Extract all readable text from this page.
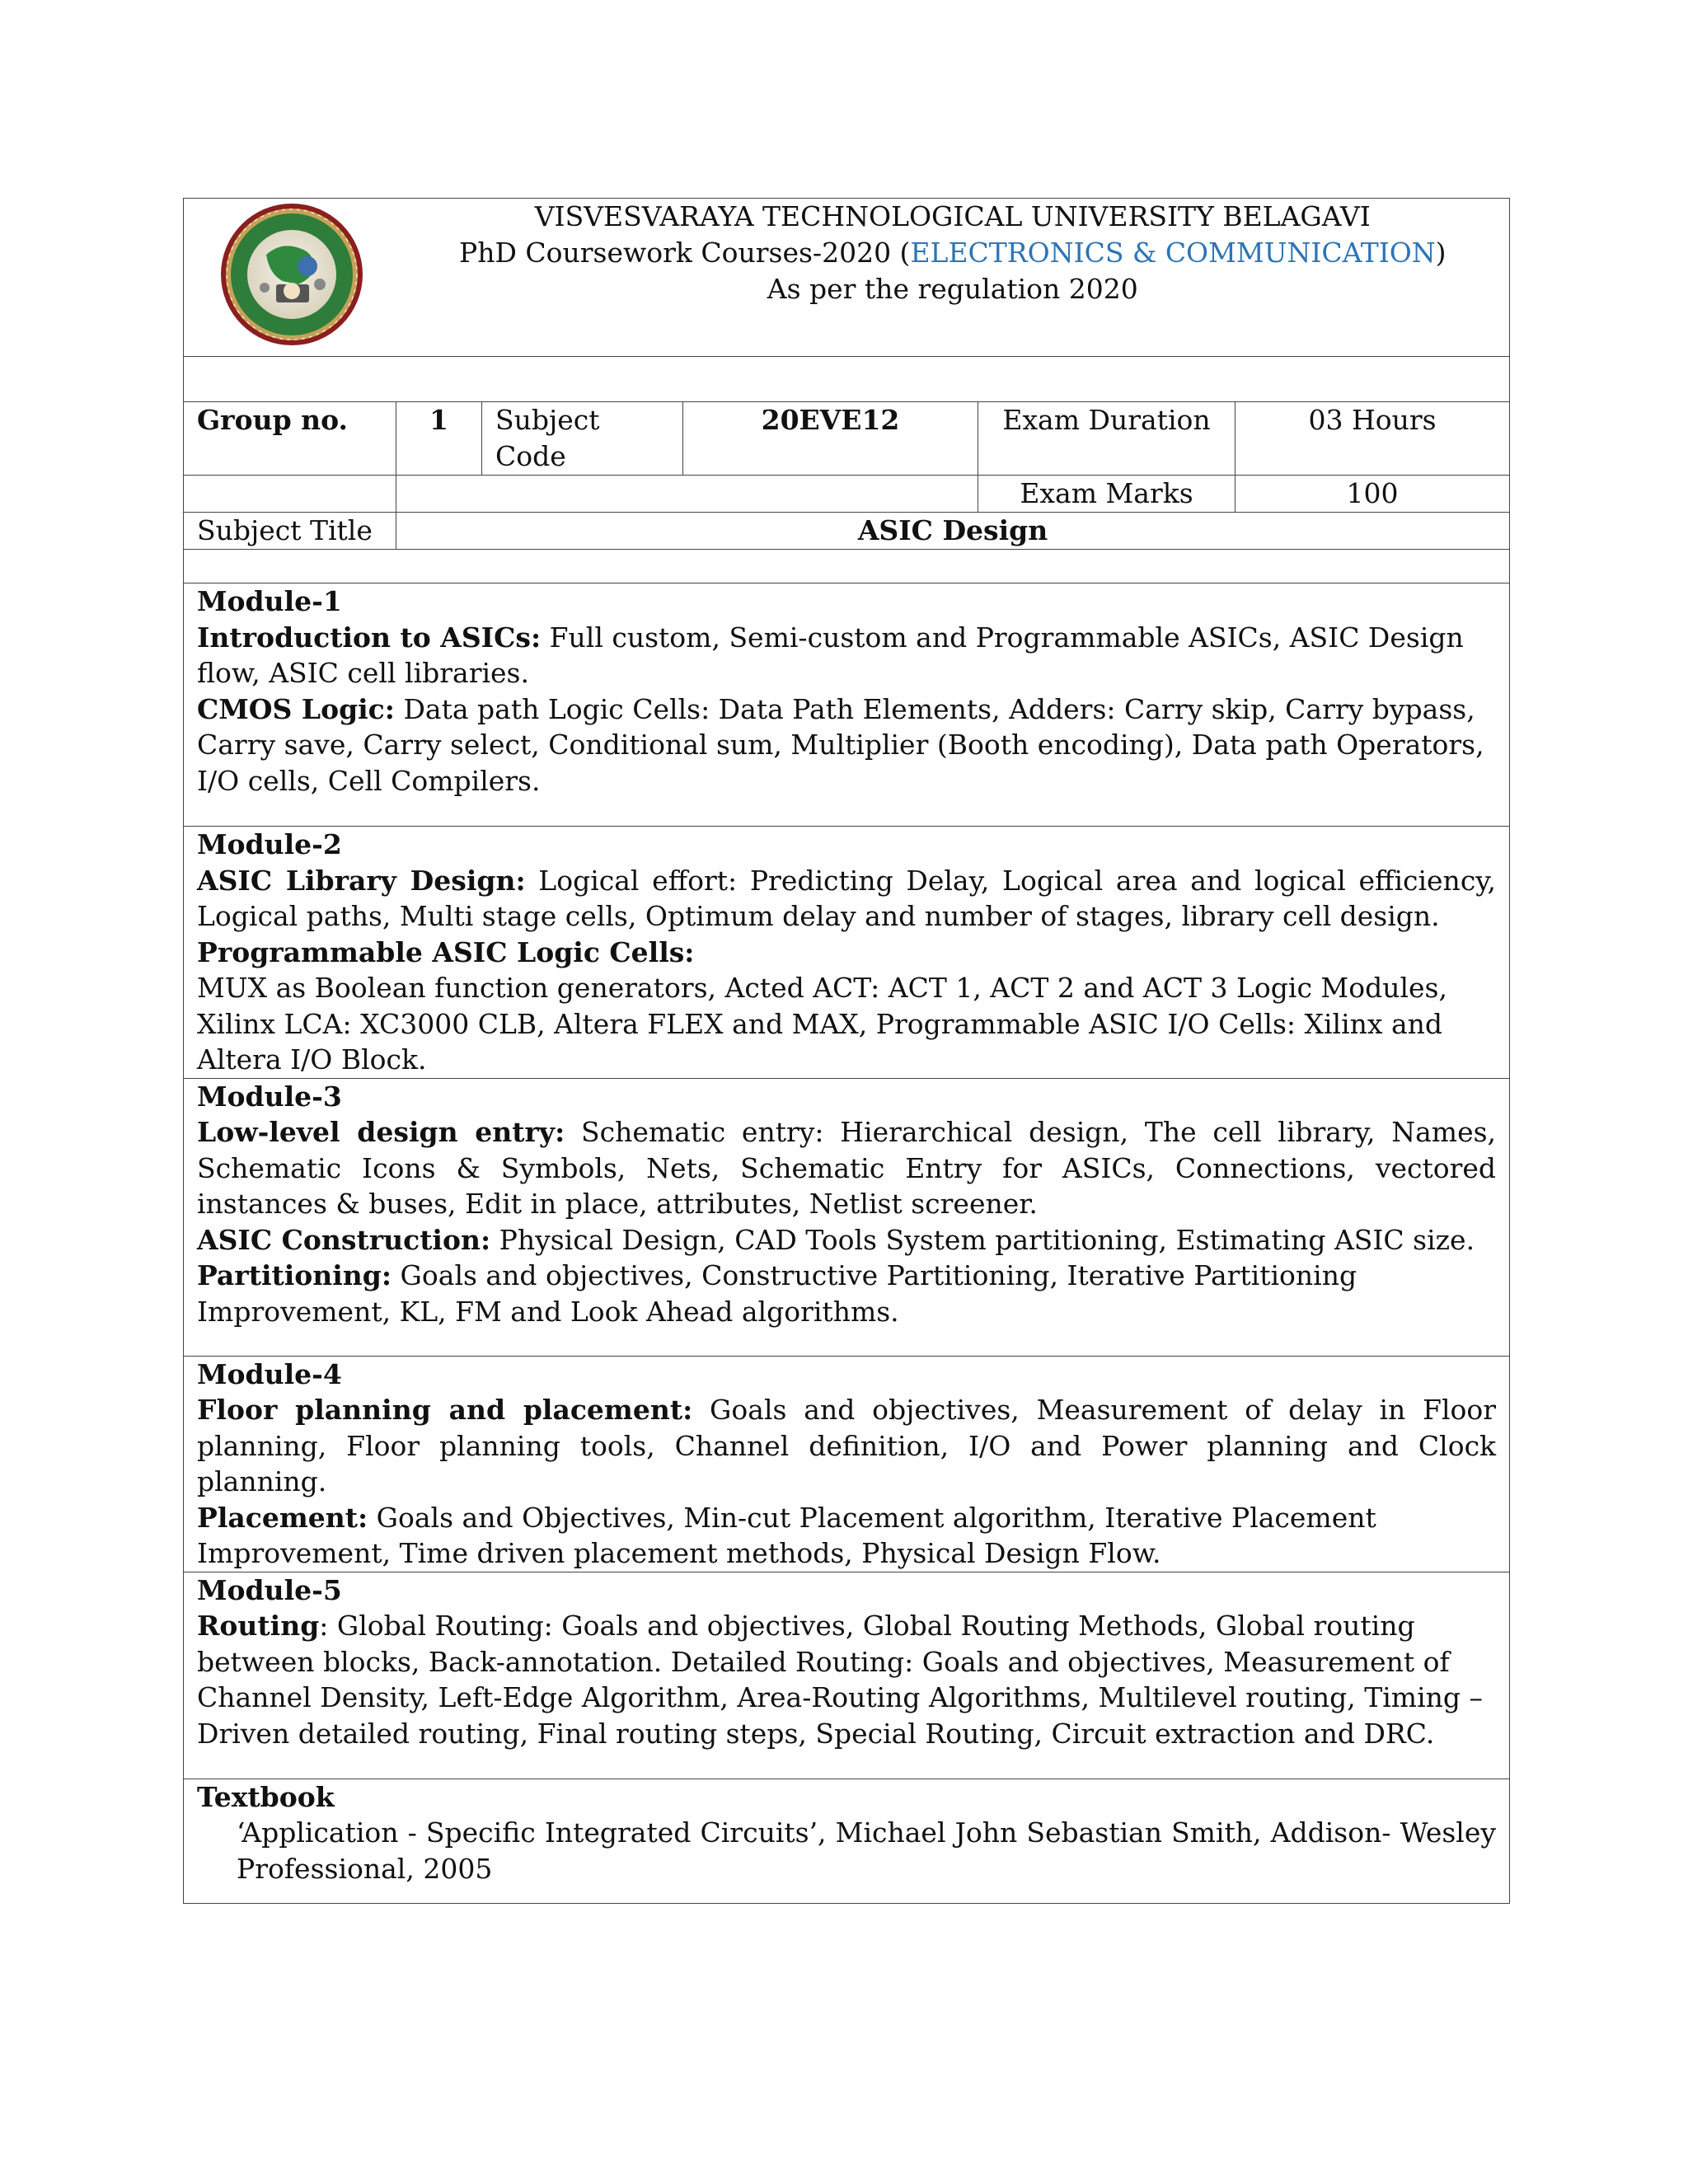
VISVESVARAYA TECHNOLOGICAL UNIVERSITY BELAGAVI
PhD Coursework Courses-2020 (ELECTRONICS & COMMUNICATION)
As per the regulation 2020				

Group no.	1	Subject Code	20EVE12	Exam Duration	03 Hours
				Exam Marks	100
Subject Title	ASIC Design				

Module-1

Introduction to ASICs: Full custom, Semi-custom and Programmable ASICs, ASIC Design flow, ASIC cell libraries.

CMOS Logic: Data path Logic Cells: Data Path Elements, Adders: Carry skip, Carry bypass, Carry save, Carry select, Conditional sum, Multiplier (Booth encoding), Data path Operators, I/O cells, Cell Compilers.					

Module-2

ASIC Library Design: Logical effort: Predicting Delay, Logical area and logical efficiency, Logical paths, Multi stage cells, Optimum delay and number of stages, library cell design.

Programmable ASIC Logic Cells:

MUX as Boolean function generators, Acted ACT: ACT 1, ACT 2 and ACT 3 Logic Modules, Xilinx LCA: XC3000 CLB, Altera FLEX and MAX, Programmable ASIC I/O Cells: Xilinx and Altera I/O Block.					

Module-3

Low-level design entry: Schematic entry: Hierarchical design, The cell library, Names, Schematic Icons & Symbols, Nets, Schematic Entry for ASICs, Connections, vectored instances & buses, Edit in place, attributes, Netlist screener.

ASIC Construction: Physical Design, CAD Tools System partitioning, Estimating ASIC size.

Partitioning: Goals and objectives, Constructive Partitioning, Iterative Partitioning Improvement, KL, FM and Look Ahead algorithms.					

Module-4

Floor planning and placement: Goals and objectives, Measurement of delay in Floor planning, Floor planning tools, Channel definition, I/O and Power planning and Clock planning.

Placement: Goals and Objectives, Min-cut Placement algorithm, Iterative Placement Improvement, Time driven placement methods, Physical Design Flow.					

Module-5

Routing: Global Routing: Goals and objectives, Global Routing Methods, Global routing between blocks, Back-annotation. Detailed Routing: Goals and objectives, Measurement of Channel Density, Left-Edge Algorithm, Area-Routing Algorithms, Multilevel routing, Timing –Driven detailed routing, Final routing steps, Special Routing, Circuit extraction and DRC.					

Textbook

‘Application - Specific Integrated Circuits’, Michael John Sebastian Smith, Addison- Wesley Professional, 2005					
